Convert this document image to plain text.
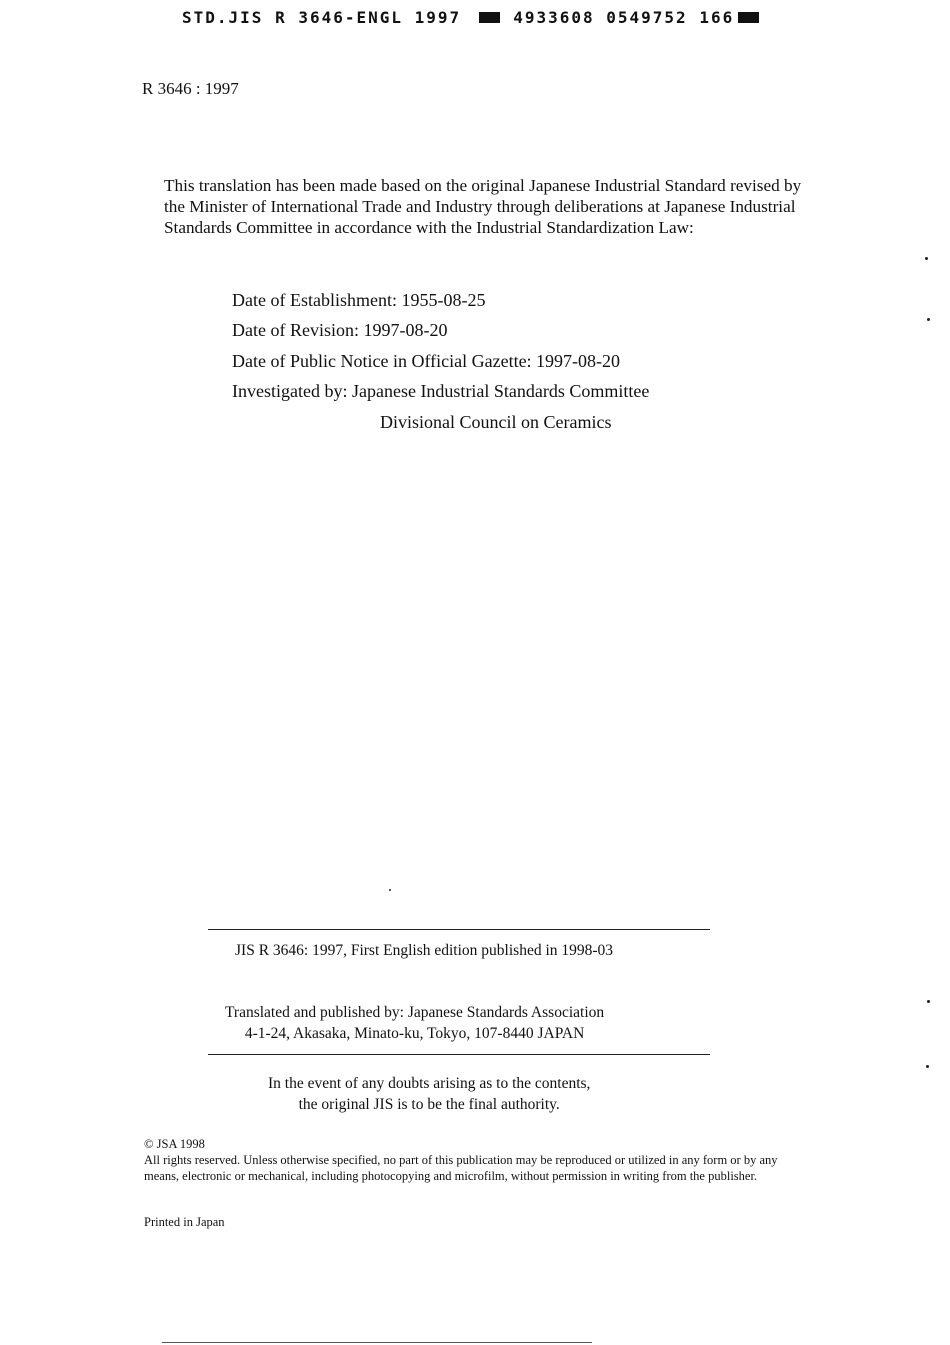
STD.JIS R 3646-ENGL 1997	4933608 0549752 166
R 3646 : 1997
This translation has been made based on the original Japanese Industrial Standard revised by the Minister of International Trade and Industry through deliberations at Japanese Industrial Standards Committee in accordance with the Industrial Standardization Law:
Date of Establishment: 1955-08-25
Date of Revision: 1997-08-20
Date of Public Notice in Official Gazette: 1997-08-20
Investigated by: Japanese Industrial Standards Committee
Divisional Council on Ceramics
JIS R 3646: 1997, First English edition published in 1998-03
Translated and published by: Japanese Standards Association
4-1-24, Akasaka, Minato-ku, Tokyo, 107-8440 JAPAN
In the event of any doubts arising as to the contents,
the original JIS is to be the final authority.
© JSA 1998
All rights reserved. Unless otherwise specified, no part of this publication may be reproduced or utilized in any form or by any means, electronic or mechanical, including photocopying and microfilm, without permission in writing from the publisher.
Printed in Japan
